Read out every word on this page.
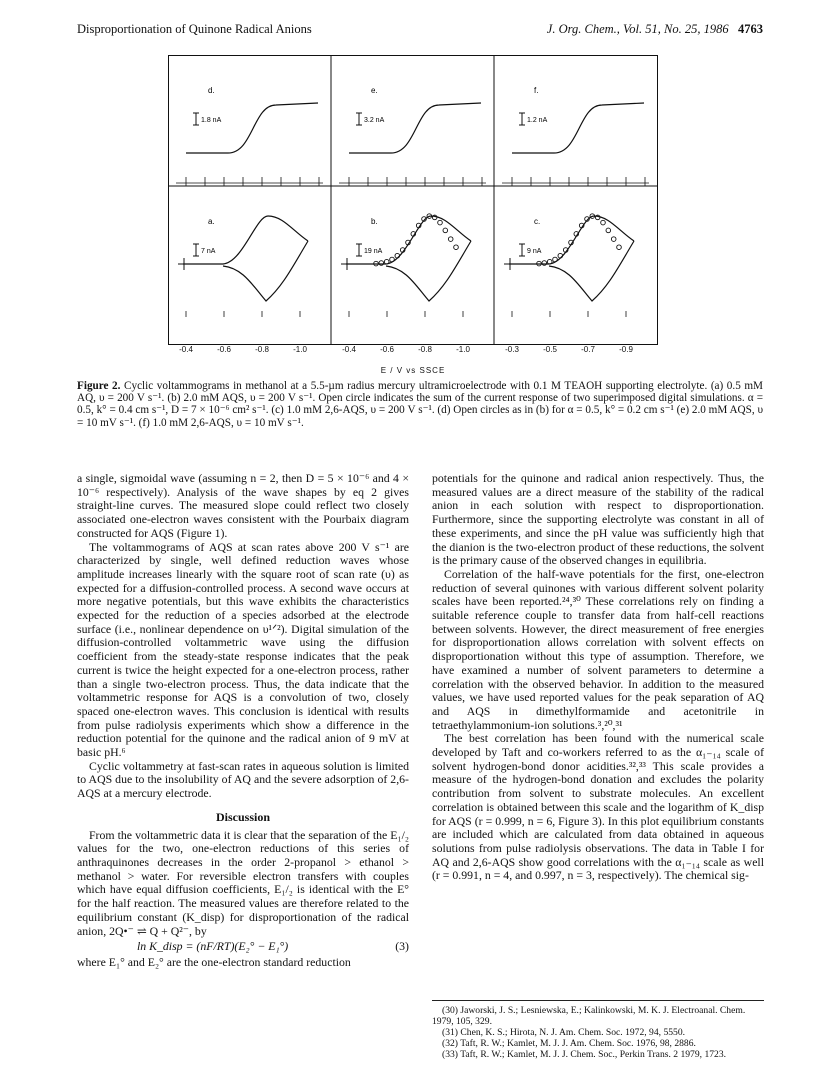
Disproportionation of Quinone Radical Anions	J. Org. Chem., Vol. 51, No. 25, 1986 4763
d.
1.8 nA
e.
3.2 nA
f.
1.2 nA
a.
7 nA
b.
19 nA
c.
9 nA
-0.4	-0.6	-0.8	-1.0	-0.4	-0.6	-0.8	-1.0	-0.3	-0.5	-0.7	-0.9
E / V vs SSCE
Figure 2. Cyclic voltammograms in methanol at a 5.5-µm radius mercury ultramicroelectrode with 0.1 M TEAOH supporting electrolyte. (a) 0.5 mM AQ, υ = 200 V s⁻¹. (b) 2.0 mM AQS, υ = 200 V s⁻¹. Open circle indicates the sum of the current response of two superimposed digital simulations. α = 0.5, k° = 0.4 cm s⁻¹, D = 7 × 10⁻⁶ cm² s⁻¹. (c) 1.0 mM 2,6-AQS, υ = 200 V s⁻¹. (d) Open circles as in (b) for α = 0.5, k° = 0.2 cm s⁻¹ (e) 2.0 mM AQS, υ = 10 mV s⁻¹. (f) 1.0 mM 2,6-AQS, υ = 10 mV s⁻¹.

a single, sigmoidal wave (assuming n = 2, then D = 5 × 10⁻⁶ and 4 × 10⁻⁶ respectively). Analysis of the wave shapes by eq 2 gives straight-line curves. The measured slope could reflect two closely associated one-electron waves consistent with the Pourbaix diagram constructed for AQS (Figure 1).

The voltammograms of AQS at scan rates above 200 V s⁻¹ are characterized by single, well defined reduction waves whose amplitude increases linearly with the square root of scan rate (υ) as expected for a diffusion-controlled process. A second wave occurs at more negative potentials, but this wave exhibits the characteristics expected for the reduction of a species adsorbed at the electrode surface (i.e., nonlinear dependence on υ¹ᐟ²). Digital simulation of the diffusion-controlled voltammetric wave using the diffusion coefficient from the steady-state response indicates that the peak current is twice the height expected for a one-electron process, rather than a single two-electron process. Thus, the data indicate that the voltammetric response for AQS is a convolution of two, closely spaced one-electron waves. This conclusion is identical with results from pulse radiolysis experiments which show a difference in the reduction potential for the quinone and the radical anion of 9 mV at basic pH.⁶

Cyclic voltammetry at fast-scan rates in aqueous solution is limited to AQS due to the insolubility of AQ and the severe adsorption of 2,6-AQS at a mercury electrode.

Discussion

From the voltammetric data it is clear that the separation of the E₁/₂ values for the two, one-electron reductions of this series of anthraquinones decreases in the order 2-propanol > ethanol > methanol > water. For reversible electron transfers with couples which have equal diffusion coefficients, E₁/₂ is identical with the E° for the half reaction. The measured values are therefore related to the equilibrium constant (K_disp) for disproportionation of the radical anion, 2Q•⁻ ⇌ Q + Q²⁻, by

ln K_disp = (nF/RT)(E₂° − E₁°)	(3)

where E₁° and E₂° are the one-electron standard reduction

potentials for the quinone and radical anion respectively. Thus, the measured values are a direct measure of the stability of the radical anion in each solution with respect to disproportionation. Furthermore, since the supporting electrolyte was constant in all of these experiments, and since the pH value was sufficiently high that the dianion is the two-electron product of these reductions, the solvent is the primary cause of the observed changes in equilibria.

Correlation of the half-wave potentials for the first, one-electron reduction of several quinones with various different solvent polarity scales have been reported.²⁴,³⁰ These correlations rely on finding a suitable reference couple to transfer data from half-cell reactions between solvents. However, the direct measurement of free energies for disproportionation allows correlation with solvent effects on disproportionation without this type of assumption. Therefore, we have examined a number of solvent parameters to determine a correlation with the observed behavior. In addition to the measured values, we have used reported values for the peak separation of AQ and AQS in dimethylformamide and acetonitrile in tetraethylammonium-ion solutions.³,²⁰,³¹

The best correlation has been found with the numerical scale developed by Taft and co-workers referred to as the α₁₋₁₄ scale of solvent hydrogen-bond donor acidities.³²,³³ This scale provides a measure of the hydrogen-bond donation and excludes the polarity contribution from solvent to substrate molecules. An excellent correlation is obtained between this scale and the logarithm of K_disp for AQS (r = 0.999, n = 6, Figure 3). In this plot equilibrium constants are included which are calculated from data obtained in aqueous solutions from pulse radiolysis observations. The data in Table I for AQ and 2,6-AQS show good correlations with the α₁₋₁₄ scale as well (r = 0.991, n = 4, and 0.997, n = 3, respectively). The chemical sig-

(30) Jaworski, J. S.; Lesniewska, E.; Kalinkowski, M. K. J. Electroanal. Chem. 1979, 105, 329.
(31) Chen, K. S.; Hirota, N. J. Am. Chem. Soc. 1972, 94, 5550.
(32) Taft, R. W.; Kamlet, M. J. J. Am. Chem. Soc. 1976, 98, 2886.
(33) Taft, R. W.; Kamlet, M. J. J. Chem. Soc., Perkin Trans. 2 1979, 1723.
